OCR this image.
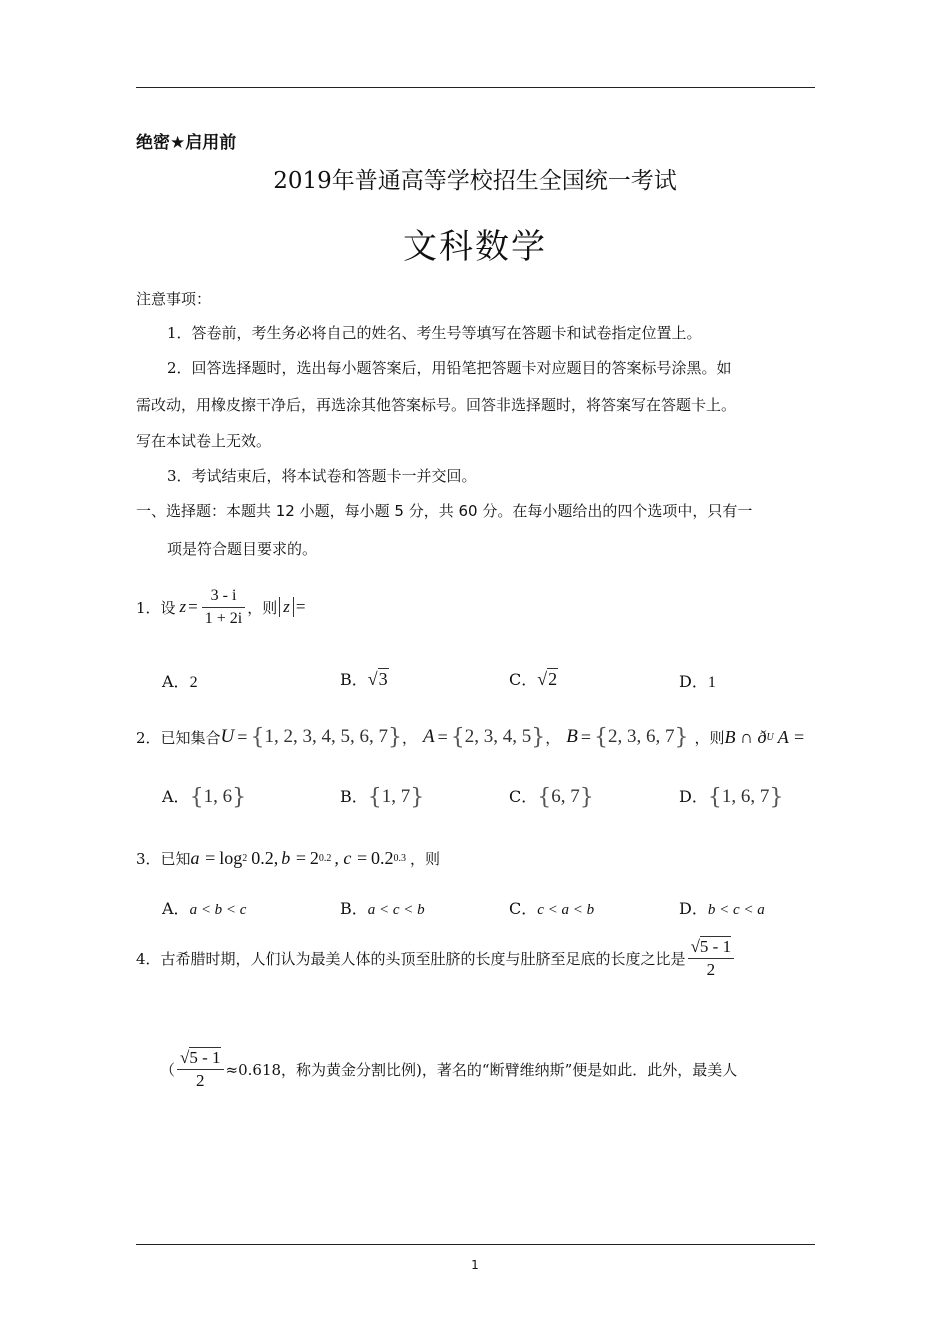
绝密★启用前
2019年普通高等学校招生全国统一考试
文科数学
注意事项：
1．答卷前，考生务必将自己的姓名、考生号等填写在答题卡和试卷指定位置上。
2．回答选择题时，选出每小题答案后，用铅笔把答题卡对应题目的答案标号涂黑。如
需改动，用橡皮擦干净后，再选涂其他答案标号。回答非选择题时，将答案写在答题卡上。
写在本试卷上无效。
3．考试结束后，将本试卷和答题卡一并交回。
一、选择题：本题共 12 小题，每小题 5 分，共 60 分。在每小题给出的四个选项中，只有一
项是符合题目要求的。
1．设 $z = \frac{3 - i}{1 + 2i}$ ，则 z =
A．2	B．√3	C．√2	D．1
2．已知集合 U = { 1, 2, 3, 4, 5, 6, 7 } ， A = { 2, 3, 4, 5 } ， B = { 2, 3, 6, 7 } ，则 B ∩ ð U A =
A．{1, 6}	B．{1, 7}	C．{6, 7}	D．{1, 6, 7}
3．已知 a = log 2 0.2, b = 2 0.2 , c = 0.2 0.3 ，则
A．a < b < c	B．a < c < b	C．c < a < b	D．b < c < a
4．古希腊时期，人们认为最美人体的头顶至肚脐的长度与肚脐至足底的长度之比是 $\frac{√5 - 1}{2}$
（ $\frac{√5 - 1}{2} \approx 0.618$，称为黄金分割比例)，著名的“断臂维纳斯”便是如此．此外，最美人
1
